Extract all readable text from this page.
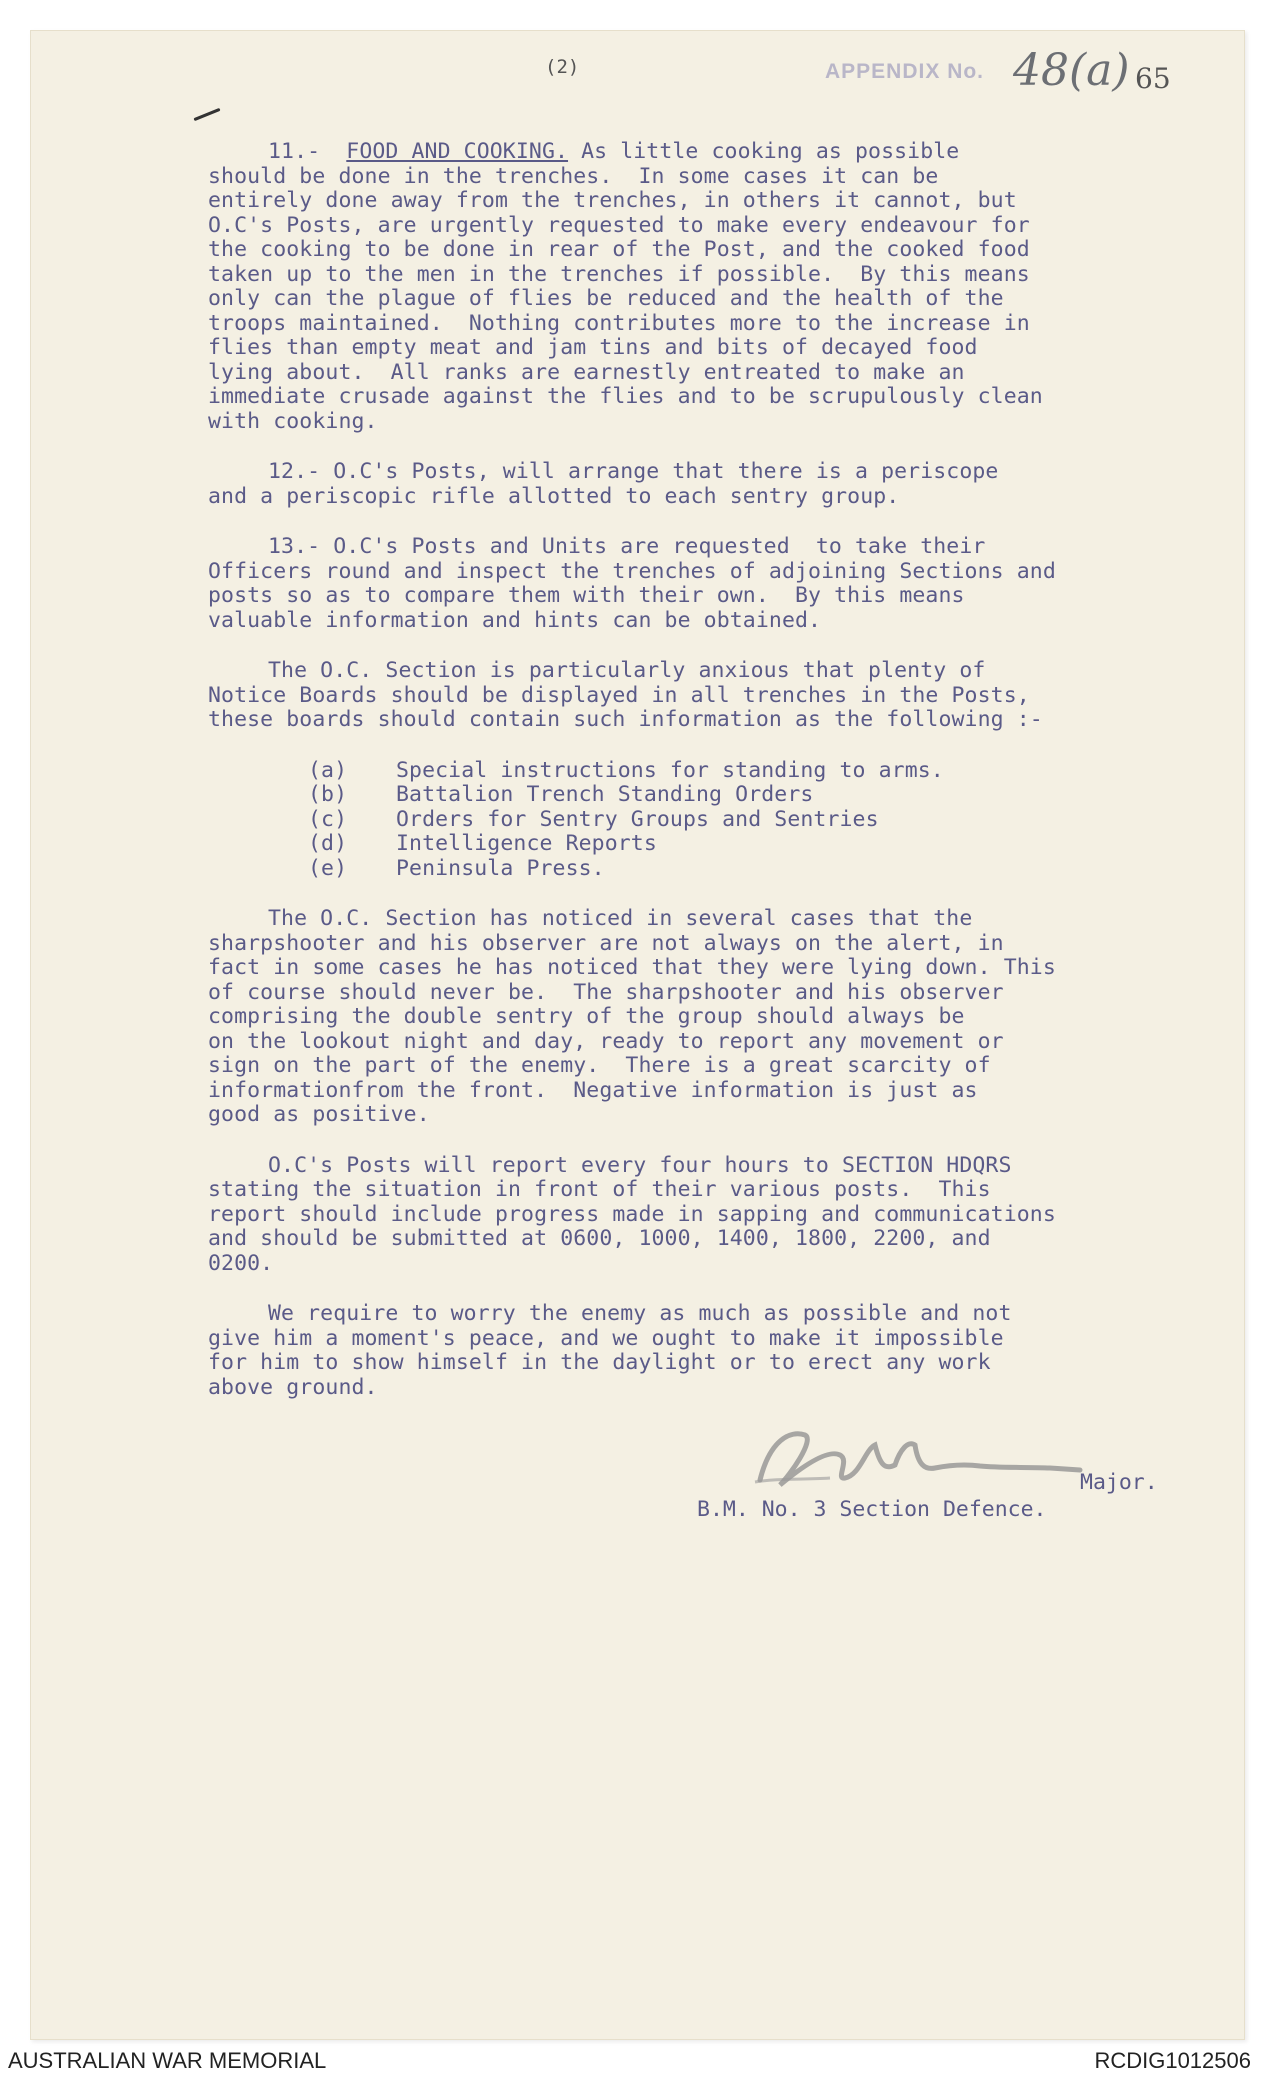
(2)	APPENDIX No. 48(a) 65
11.- FOOD AND COOKING. As little cooking as possible
should be done in the trenches.  In some cases it can be
entirely done away from the trenches, in others it cannot, but
O.C's Posts, are urgently requested to make every endeavour for
the cooking to be done in rear of the Post, and the cooked food
taken up to the men in the trenches if possible.  By this means
only can the plague of flies be reduced and the health of the
troops maintained.  Nothing contributes more to the increase in
flies than empty meat and jam tins and bits of decayed food
lying about.  All ranks are earnestly entreated to make an
immediate crusade against the flies and to be scrupulously clean
with cooking.
12.- O.C's Posts, will arrange that there is a periscope
and a periscopic rifle allotted to each sentry group.
13.- O.C's Posts and Units are requested  to take their
Officers round and inspect the trenches of adjoining Sections and
posts so as to compare them with their own.  By this means
valuable information and hints can be obtained.
The O.C. Section is particularly anxious that plenty of
Notice Boards should be displayed in all trenches in the Posts,
these boards should contain such information as the following :-
(a)	Special instructions for standing to arms.
(b)	Battalion Trench Standing Orders
(c)	Orders for Sentry Groups and Sentries
(d)	Intelligence Reports
(e)	Peninsula Press.
The O.C. Section has noticed in several cases that the
sharpshooter and his observer are not always on the alert, in
fact in some cases he has noticed that they were lying down. This
of course should never be.  The sharpshooter and his observer
comprising the double sentry of the group should always be
on the lookout night and day, ready to report any movement or
sign on the part of the enemy.  There is a great scarcity of
informationfrom the front.  Negative information is just as
good as positive.
O.C's Posts will report every four hours to SECTION HDQRS
stating the situation in front of their various posts.  This
report should include progress made in sapping and communications
and should be submitted at 0600, 1000, 1400, 1800, 2200, and
0200.
We require to worry the enemy as much as possible and not
give him a moment's peace, and we ought to make it impossible
for him to show himself in the daylight or to erect any work
above ground.
Major.
B.M. No. 3 Section Defence.
AUSTRALIAN WAR MEMORIAL	RCDIG1012506
